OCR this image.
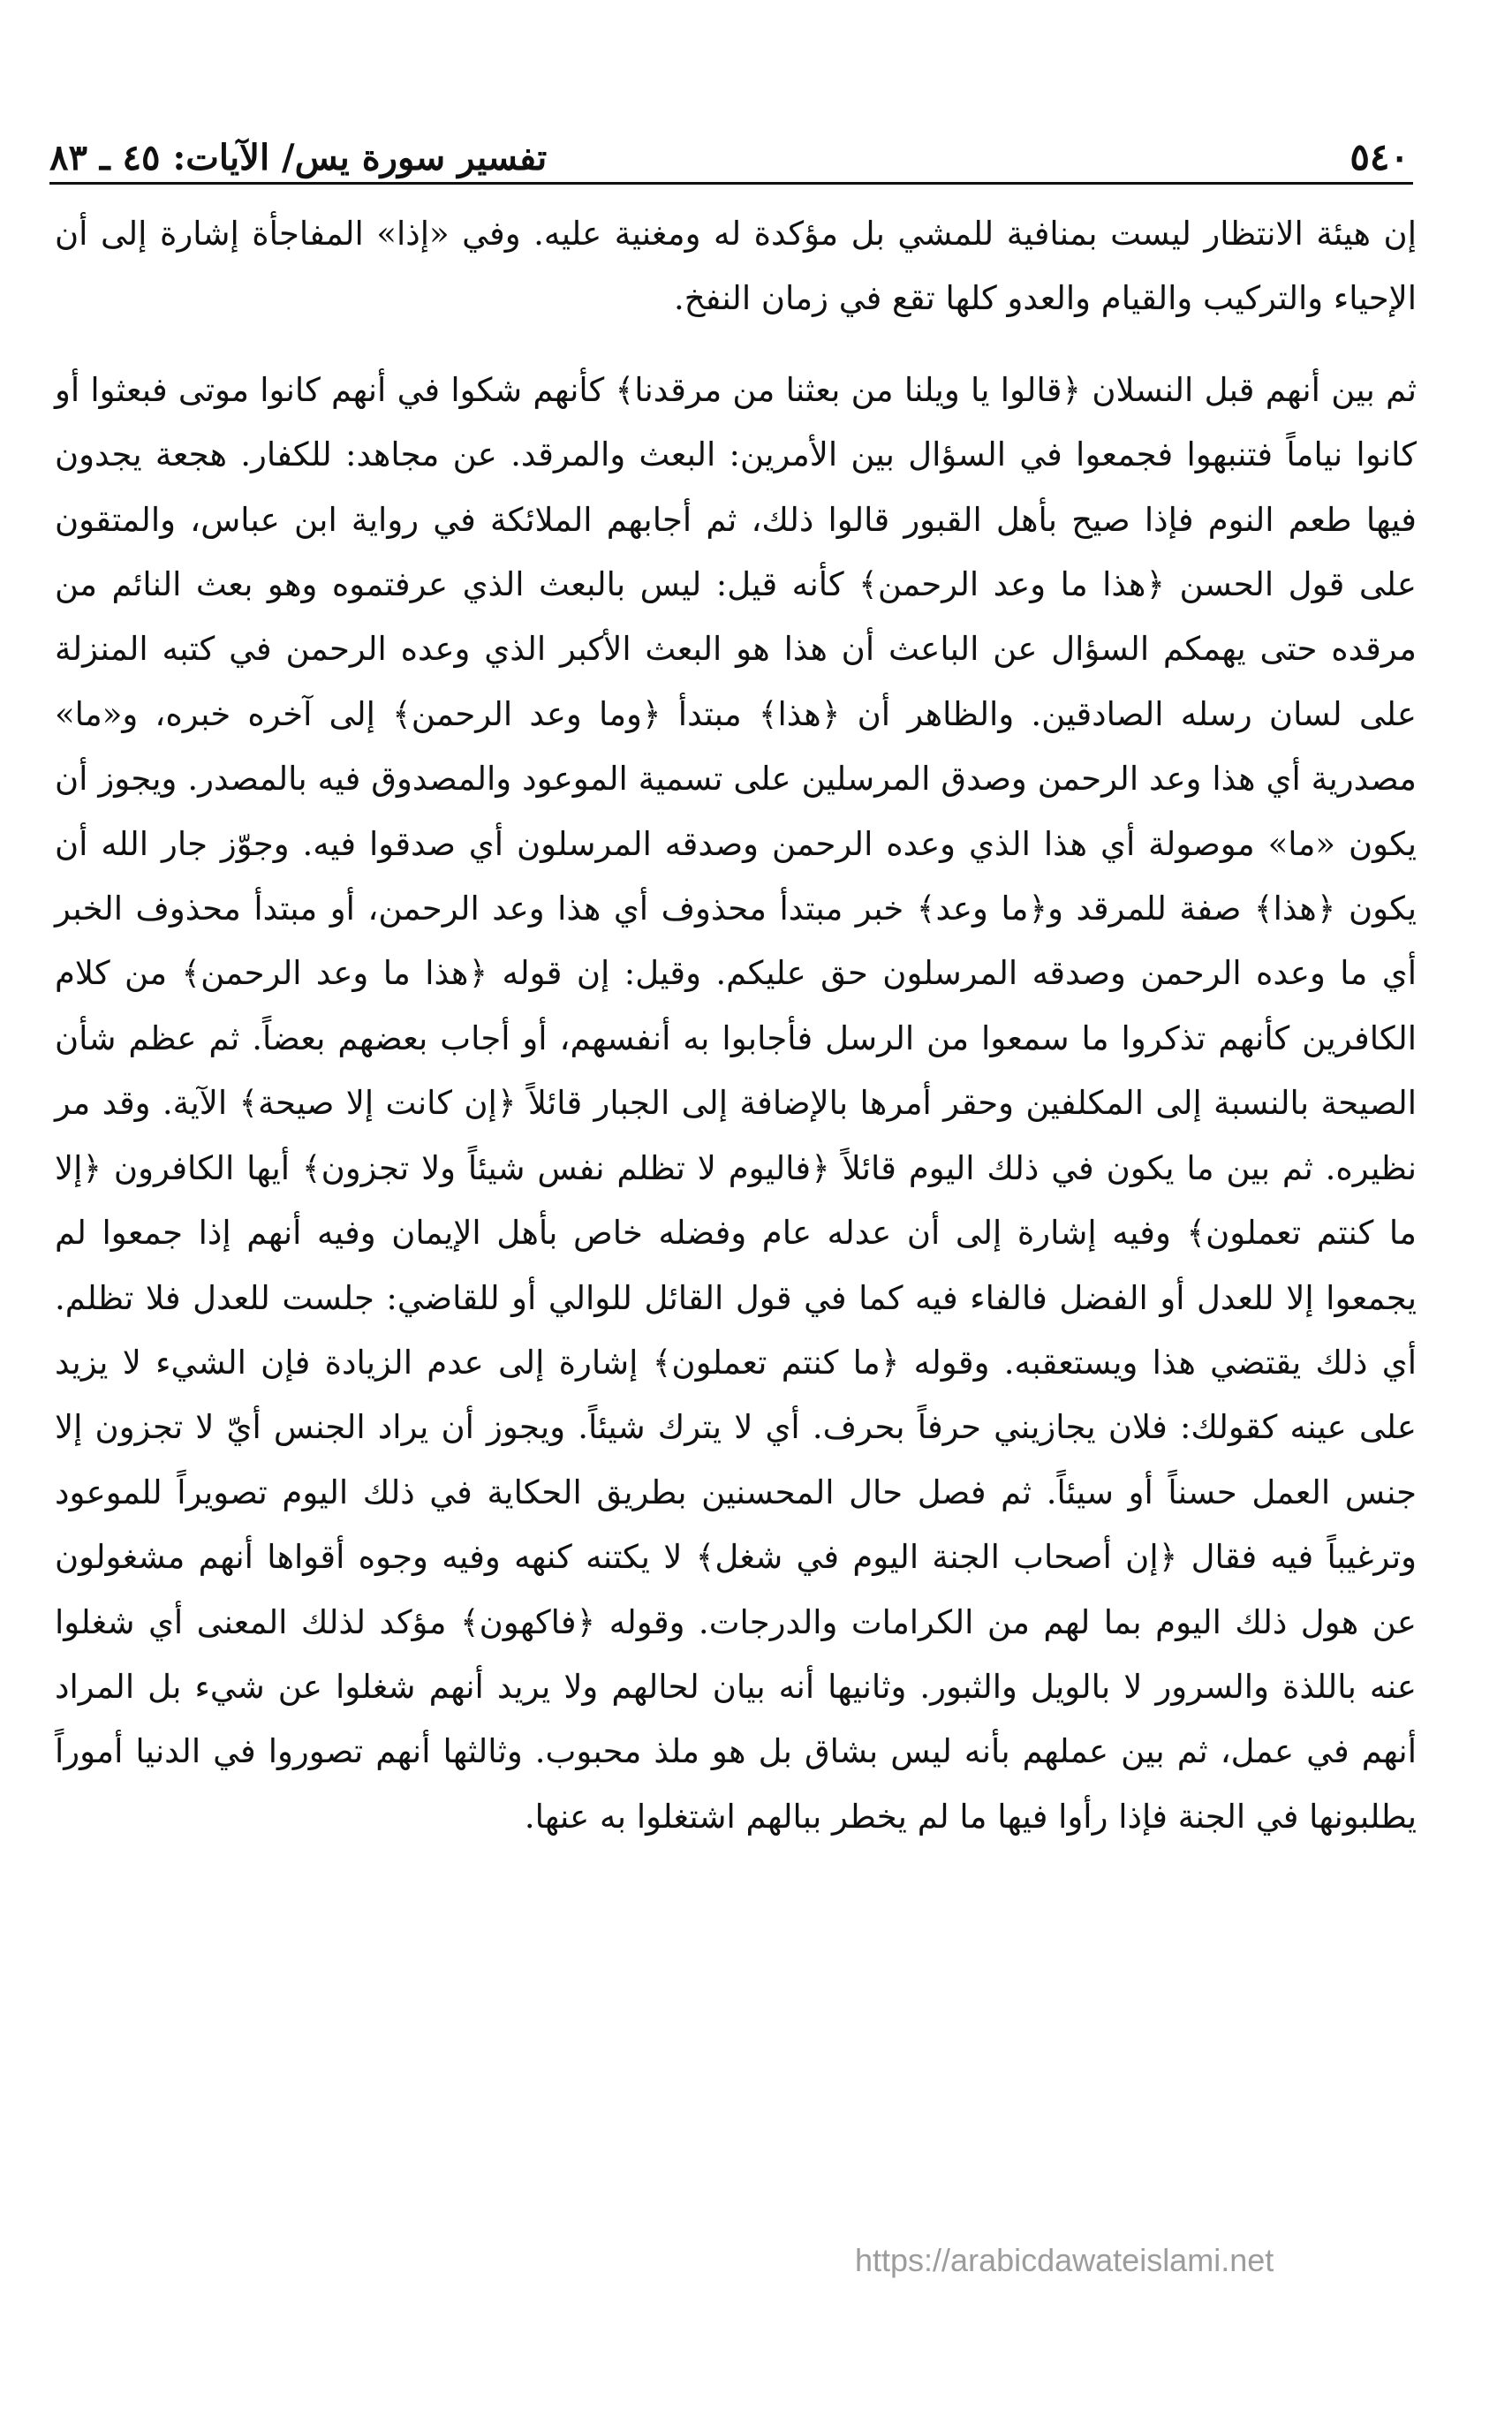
٥٤٠
تفسير سورة يس/ الآيات: ٤٥ ـ ٨٣

إن هيئة الانتظار ليست بمنافية للمشي بل مؤكدة له ومغنية عليه. وفي «إذا» المفاجأة إشارة إلى أن الإحياء والتركيب والقيام والعدو كلها تقع في زمان النفخ.

ثم بين أنهم قبل النسلان ﴿قالوا يا ويلنا من بعثنا من مرقدنا﴾ كأنهم شكوا في أنهم كانوا موتى فبعثوا أو كانوا نياماً فتنبهوا فجمعوا في السؤال بين الأمرين: البعث والمرقد. عن مجاهد: للكفار. هجعة يجدون فيها طعم النوم فإذا صيح بأهل القبور قالوا ذلك، ثم أجابهم الملائكة في رواية ابن عباس، والمتقون على قول الحسن ﴿هذا ما وعد الرحمن﴾ كأنه قيل: ليس بالبعث الذي عرفتموه وهو بعث النائم من مرقده حتى يهمكم السؤال عن الباعث أن هذا هو البعث الأكبر الذي وعده الرحمن في كتبه المنزلة على لسان رسله الصادقين. والظاهر أن ﴿هذا﴾ مبتدأ ﴿وما وعد الرحمن﴾ إلى آخره خبره، و«ما» مصدرية أي هذا وعد الرحمن وصدق المرسلين على تسمية الموعود والمصدوق فيه بالمصدر. ويجوز أن يكون «ما» موصولة أي هذا الذي وعده الرحمن وصدقه المرسلون أي صدقوا فيه. وجوّز جار الله أن يكون ﴿هذا﴾ صفة للمرقد و﴿ما وعد﴾ خبر مبتدأ محذوف أي هذا وعد الرحمن، أو مبتدأ محذوف الخبر أي ما وعده الرحمن وصدقه المرسلون حق عليكم. وقيل: إن قوله ﴿هذا ما وعد الرحمن﴾ من كلام الكافرين كأنهم تذكروا ما سمعوا من الرسل فأجابوا به أنفسهم، أو أجاب بعضهم بعضاً. ثم عظم شأن الصيحة بالنسبة إلى المكلفين وحقر أمرها بالإضافة إلى الجبار قائلاً ﴿إن كانت إلا صيحة﴾ الآية. وقد مر نظيره. ثم بين ما يكون في ذلك اليوم قائلاً ﴿فاليوم لا تظلم نفس شيئاً ولا تجزون﴾ أيها الكافرون ﴿إلا ما كنتم تعملون﴾ وفيه إشارة إلى أن عدله عام وفضله خاص بأهل الإيمان وفيه أنهم إذا جمعوا لم يجمعوا إلا للعدل أو الفضل فالفاء فيه كما في قول القائل للوالي أو للقاضي: جلست للعدل فلا تظلم. أي ذلك يقتضي هذا ويستعقبه. وقوله ﴿ما كنتم تعملون﴾ إشارة إلى عدم الزيادة فإن الشيء لا يزيد على عينه كقولك: فلان يجازيني حرفاً بحرف. أي لا يترك شيئاً. ويجوز أن يراد الجنس أيّ لا تجزون إلا جنس العمل حسناً أو سيئاً. ثم فصل حال المحسنين بطريق الحكاية في ذلك اليوم تصويراً للموعود وترغيباً فيه فقال ﴿إن أصحاب الجنة اليوم في شغل﴾ لا يكتنه كنهه وفيه وجوه أقواها أنهم مشغولون عن هول ذلك اليوم بما لهم من الكرامات والدرجات. وقوله ﴿فاكهون﴾ مؤكد لذلك المعنى أي شغلوا عنه باللذة والسرور لا بالويل والثبور. وثانيها أنه بيان لحالهم ولا يريد أنهم شغلوا عن شيء بل المراد أنهم في عمل، ثم بين عملهم بأنه ليس بشاق بل هو ملذ محبوب. وثالثها أنهم تصوروا في الدنيا أموراً يطلبونها في الجنة فإذا رأوا فيها ما لم يخطر ببالهم اشتغلوا به عنها.

https://arabicdawateislami.net
